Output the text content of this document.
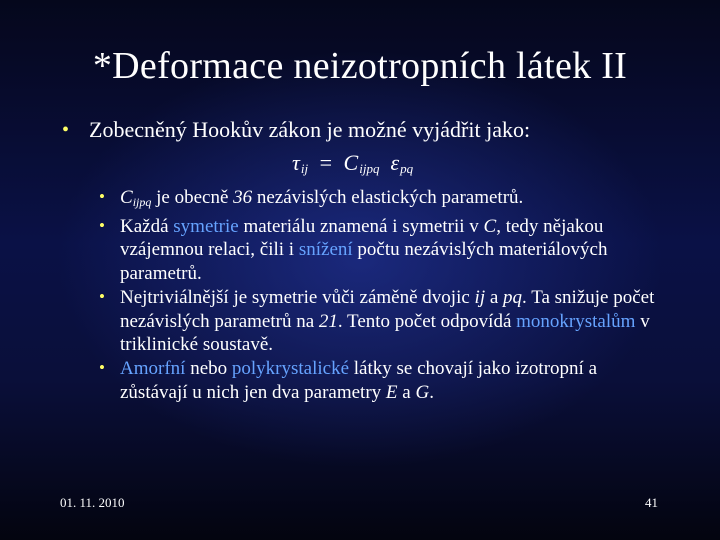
*Deformace neizotropních látek II
• Zobecněný Hookův zákon je možné vyjádřit jako:
$\tau_{ij} = C_{ijpq}$ $\varepsilon_{pq}$
• $C_{ijpq}$ je obecně 36 nezávislých elastických parametrů.
• Každá symetrie materiálu znamená i symetrii v C, tedy nějakou vzájemnou relaci, čili i snížení počtu nezávislých materiálových parametrů.
• Nejtriviálnější je symetrie vůči záměně dvojic ij a pq. Ta snižuje počet nezávislých parametrů na 21. Tento počet odpovídá monokrystalům v triklinické soustavě.
• Amorfní nebo polykrystalické látky se chovají jako izotropní a zůstávají u nich jen dva parametry E a G.
01. 11. 2010	41
